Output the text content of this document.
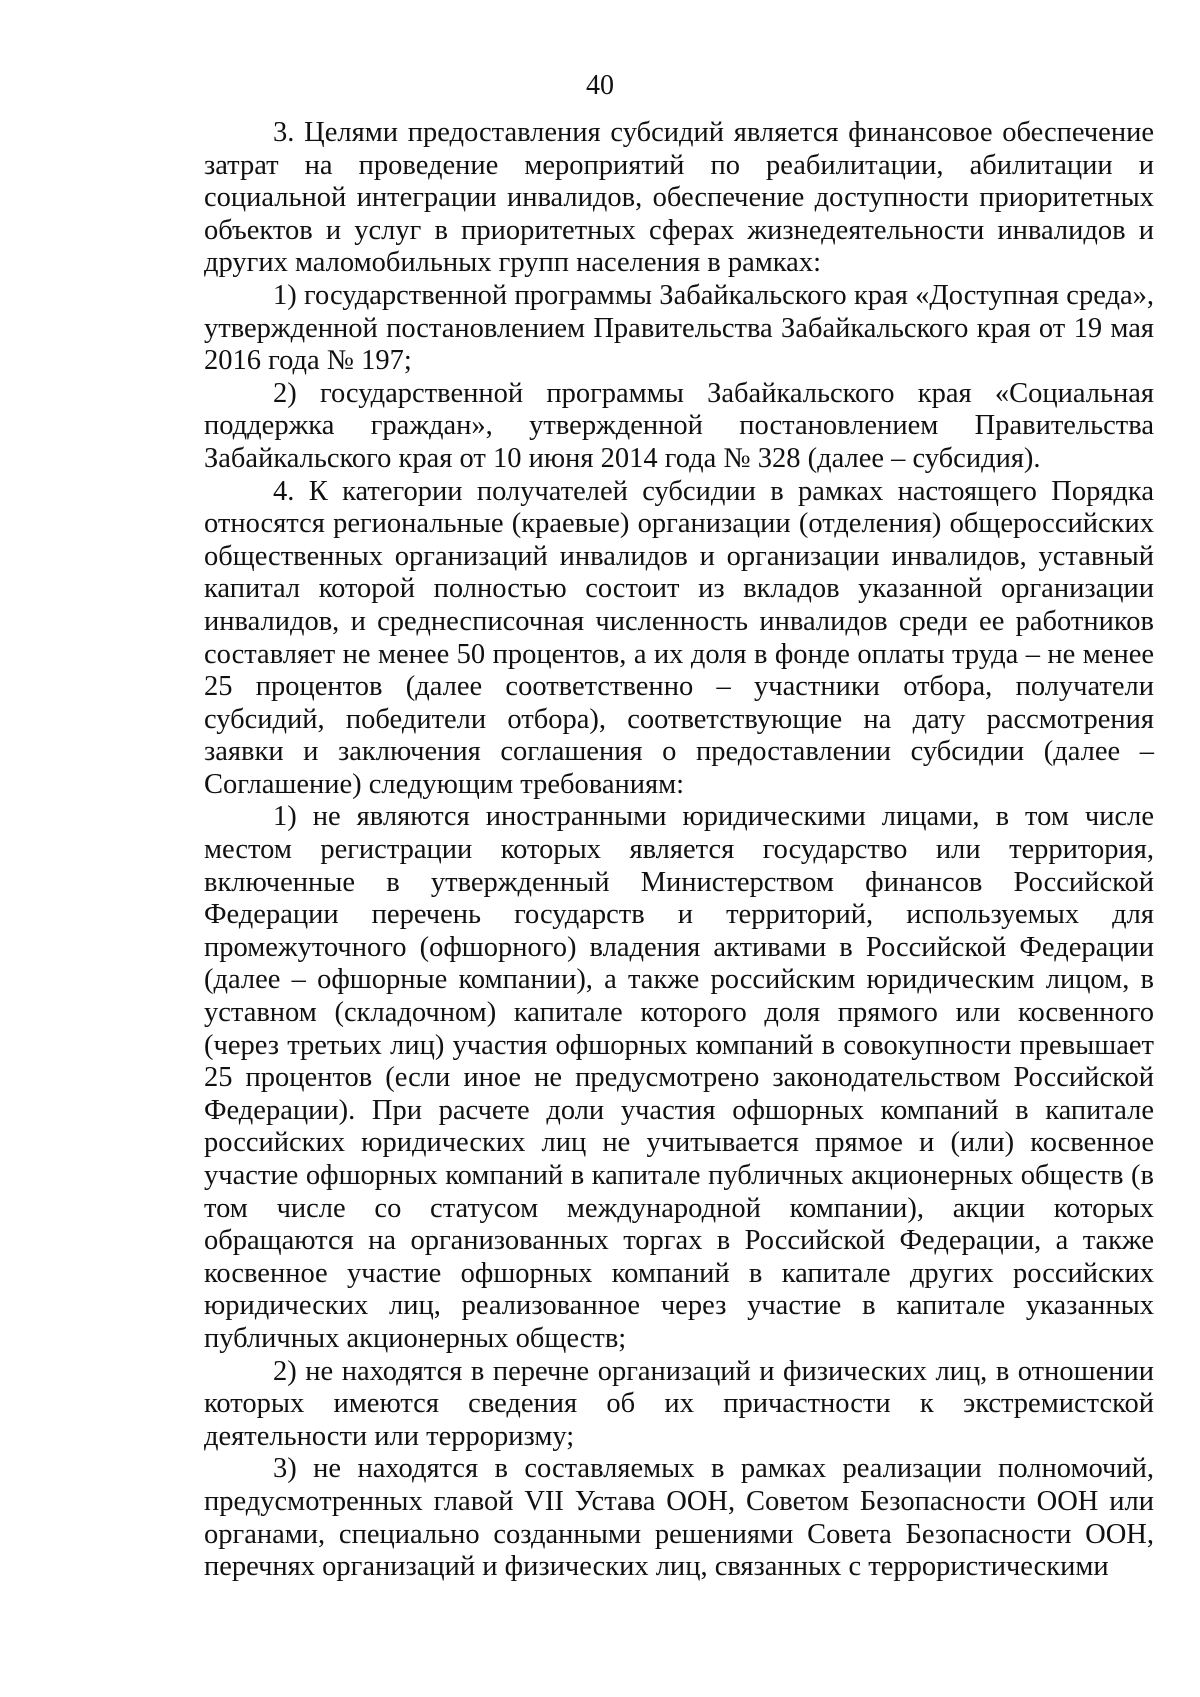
40

3. Целями предоставления субсидий является финансовое обеспечение затрат на проведение мероприятий по реабилитации, абилитации и социальной интеграции инвалидов, обеспечение доступности приоритетных объектов и услуг в приоритетных сферах жизнедеятельности инвалидов и других маломобильных групп населения в рамках:

1) государственной программы Забайкальского края «Доступная среда», утвержденной постановлением Правительства Забайкальского края от 19 мая 2016 года № 197;

2) государственной программы Забайкальского края «Социальная поддержка граждан», утвержденной постановлением Правительства Забайкальского края от 10 июня 2014 года № 328 (далее – субсидия).

4. К категории получателей субсидии в рамках настоящего Порядка относятся региональные (краевые) организации (отделения) общероссийских общественных организаций инвалидов и организации инвалидов, уставный капитал которой полностью состоит из вкладов указанной организации инвалидов, и среднесписочная численность инвалидов среди ее работников составляет не менее 50 процентов, а их доля в фонде оплаты труда – не менее 25 процентов (далее соответственно – участники отбора, получатели субсидий, победители отбора), соответствующие на дату рассмотрения заявки и заключения соглашения о предоставлении субсидии (далее – Соглашение) следующим требованиям:

1) не являются иностранными юридическими лицами, в том числе местом регистрации которых является государство или территория, включенные в утвержденный Министерством финансов Российской Федерации перечень государств и территорий, используемых для промежуточного (офшорного) владения активами в Российской Федерации (далее – офшорные компании), а также российским юридическим лицом, в уставном (складочном) капитале которого доля прямого или косвенного (через третьих лиц) участия офшорных компаний в совокупности превышает 25 процентов (если иное не предусмотрено законодательством Российской Федерации). При расчете доли участия офшорных компаний в капитале российских юридических лиц не учитывается прямое и (или) косвенное участие офшорных компаний в капитале публичных акционерных обществ (в том числе со статусом международной компании), акции которых обращаются на организованных торгах в Российской Федерации, а также косвенное участие офшорных компаний в капитале других российских юридических лиц, реализованное через участие в капитале указанных публичных акционерных обществ;

2) не находятся в перечне организаций и физических лиц, в отношении которых имеются сведения об их причастности к экстремистской деятельности или терроризму;

3) не находятся в составляемых в рамках реализации полномочий, предусмотренных главой VII Устава ООН, Советом Безопасности ООН или органами, специально созданными решениями Совета Безопасности ООН, перечнях организаций и физических лиц, связанных с террористическими
